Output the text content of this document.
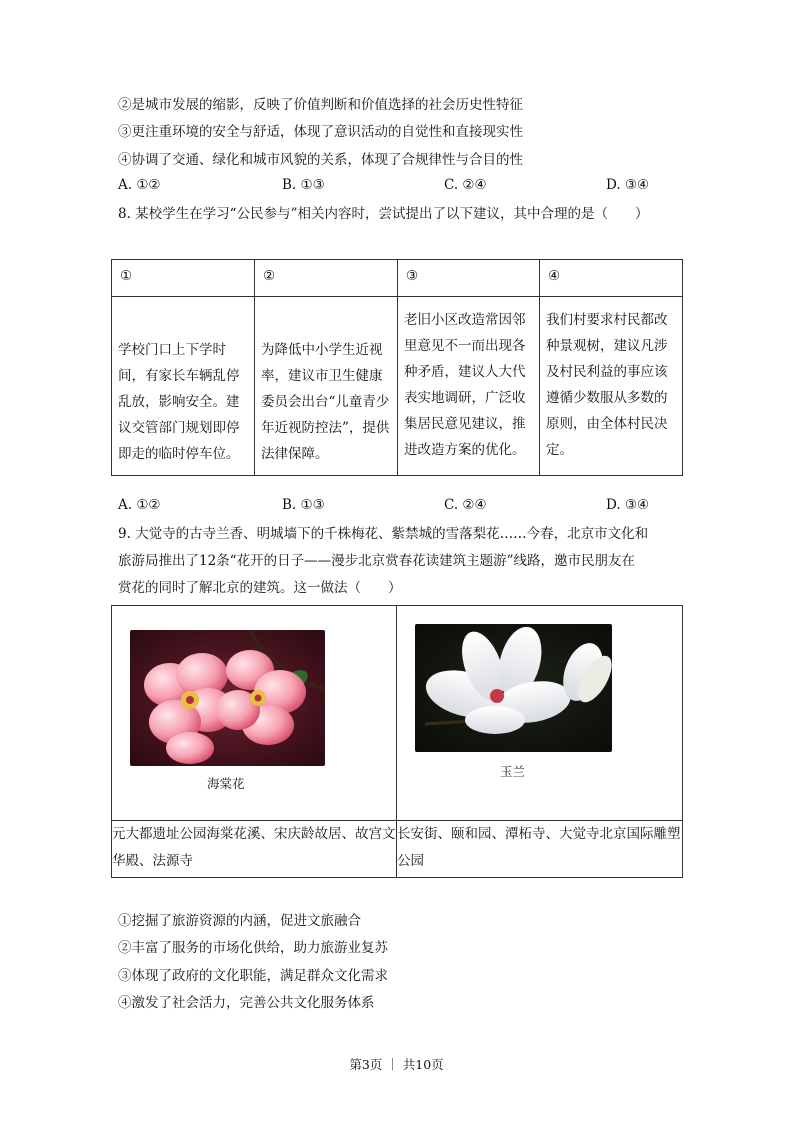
②是城市发展的缩影，反映了价值判断和价值选择的社会历史性特征
③更注重环境的安全与舒适，体现了意识活动的自觉性和直接现实性
④协调了交通、绿化和城市风貌的关系，体现了合规律性与合目的性
A. ①②	B. ①③	C. ②④	D. ③④
8. 某校学生在学习“公民参与”相关内容时，尝试提出了以下建议，其中合理的是（　　）
①	②	③	④

学校门口上下学时间，有家长车辆乱停乱放，影响安全。建议交管部门规划即停即走的临时停车位。	为降低中小学生近视率，建议市卫生健康委员会出台“儿童青少年近视防控法”，提供法律保障。	老旧小区改造常因邻里意见不一而出现各种矛盾，建议人大代表实地调研，广泛收集居民意见建议，推进改造方案的优化。	我们村要求村民都改种景观树，建议凡涉及村民利益的事应该遵循少数服从多数的原则，由全体村民决定。
A. ①②	B. ①③	C. ②④	D. ③④
9. 大觉寺的古寺兰香、明城墙下的千株梅花、紫禁城的雪落梨花……今春，北京市文化和
旅游局推出了12条“花开的日子——漫步北京赏春花读建筑主题游”线路，邀市民朋友在
赏花的同时了解北京的建筑。这一做法（　　）
海棠花	玉兰

元大都遗址公园海棠花溪、宋庆龄故居、故宫文华殿、法源寺	长安街、颐和园、潭柘寺、大觉寺北京国际雕塑公园
①挖掘了旅游资源的内涵，促进文旅融合
②丰富了服务的市场化供给，助力旅游业复苏
③体现了政府的文化职能，满足群众文化需求
④激发了社会活力，完善公共文化服务体系
第3页 ｜ 共10页
